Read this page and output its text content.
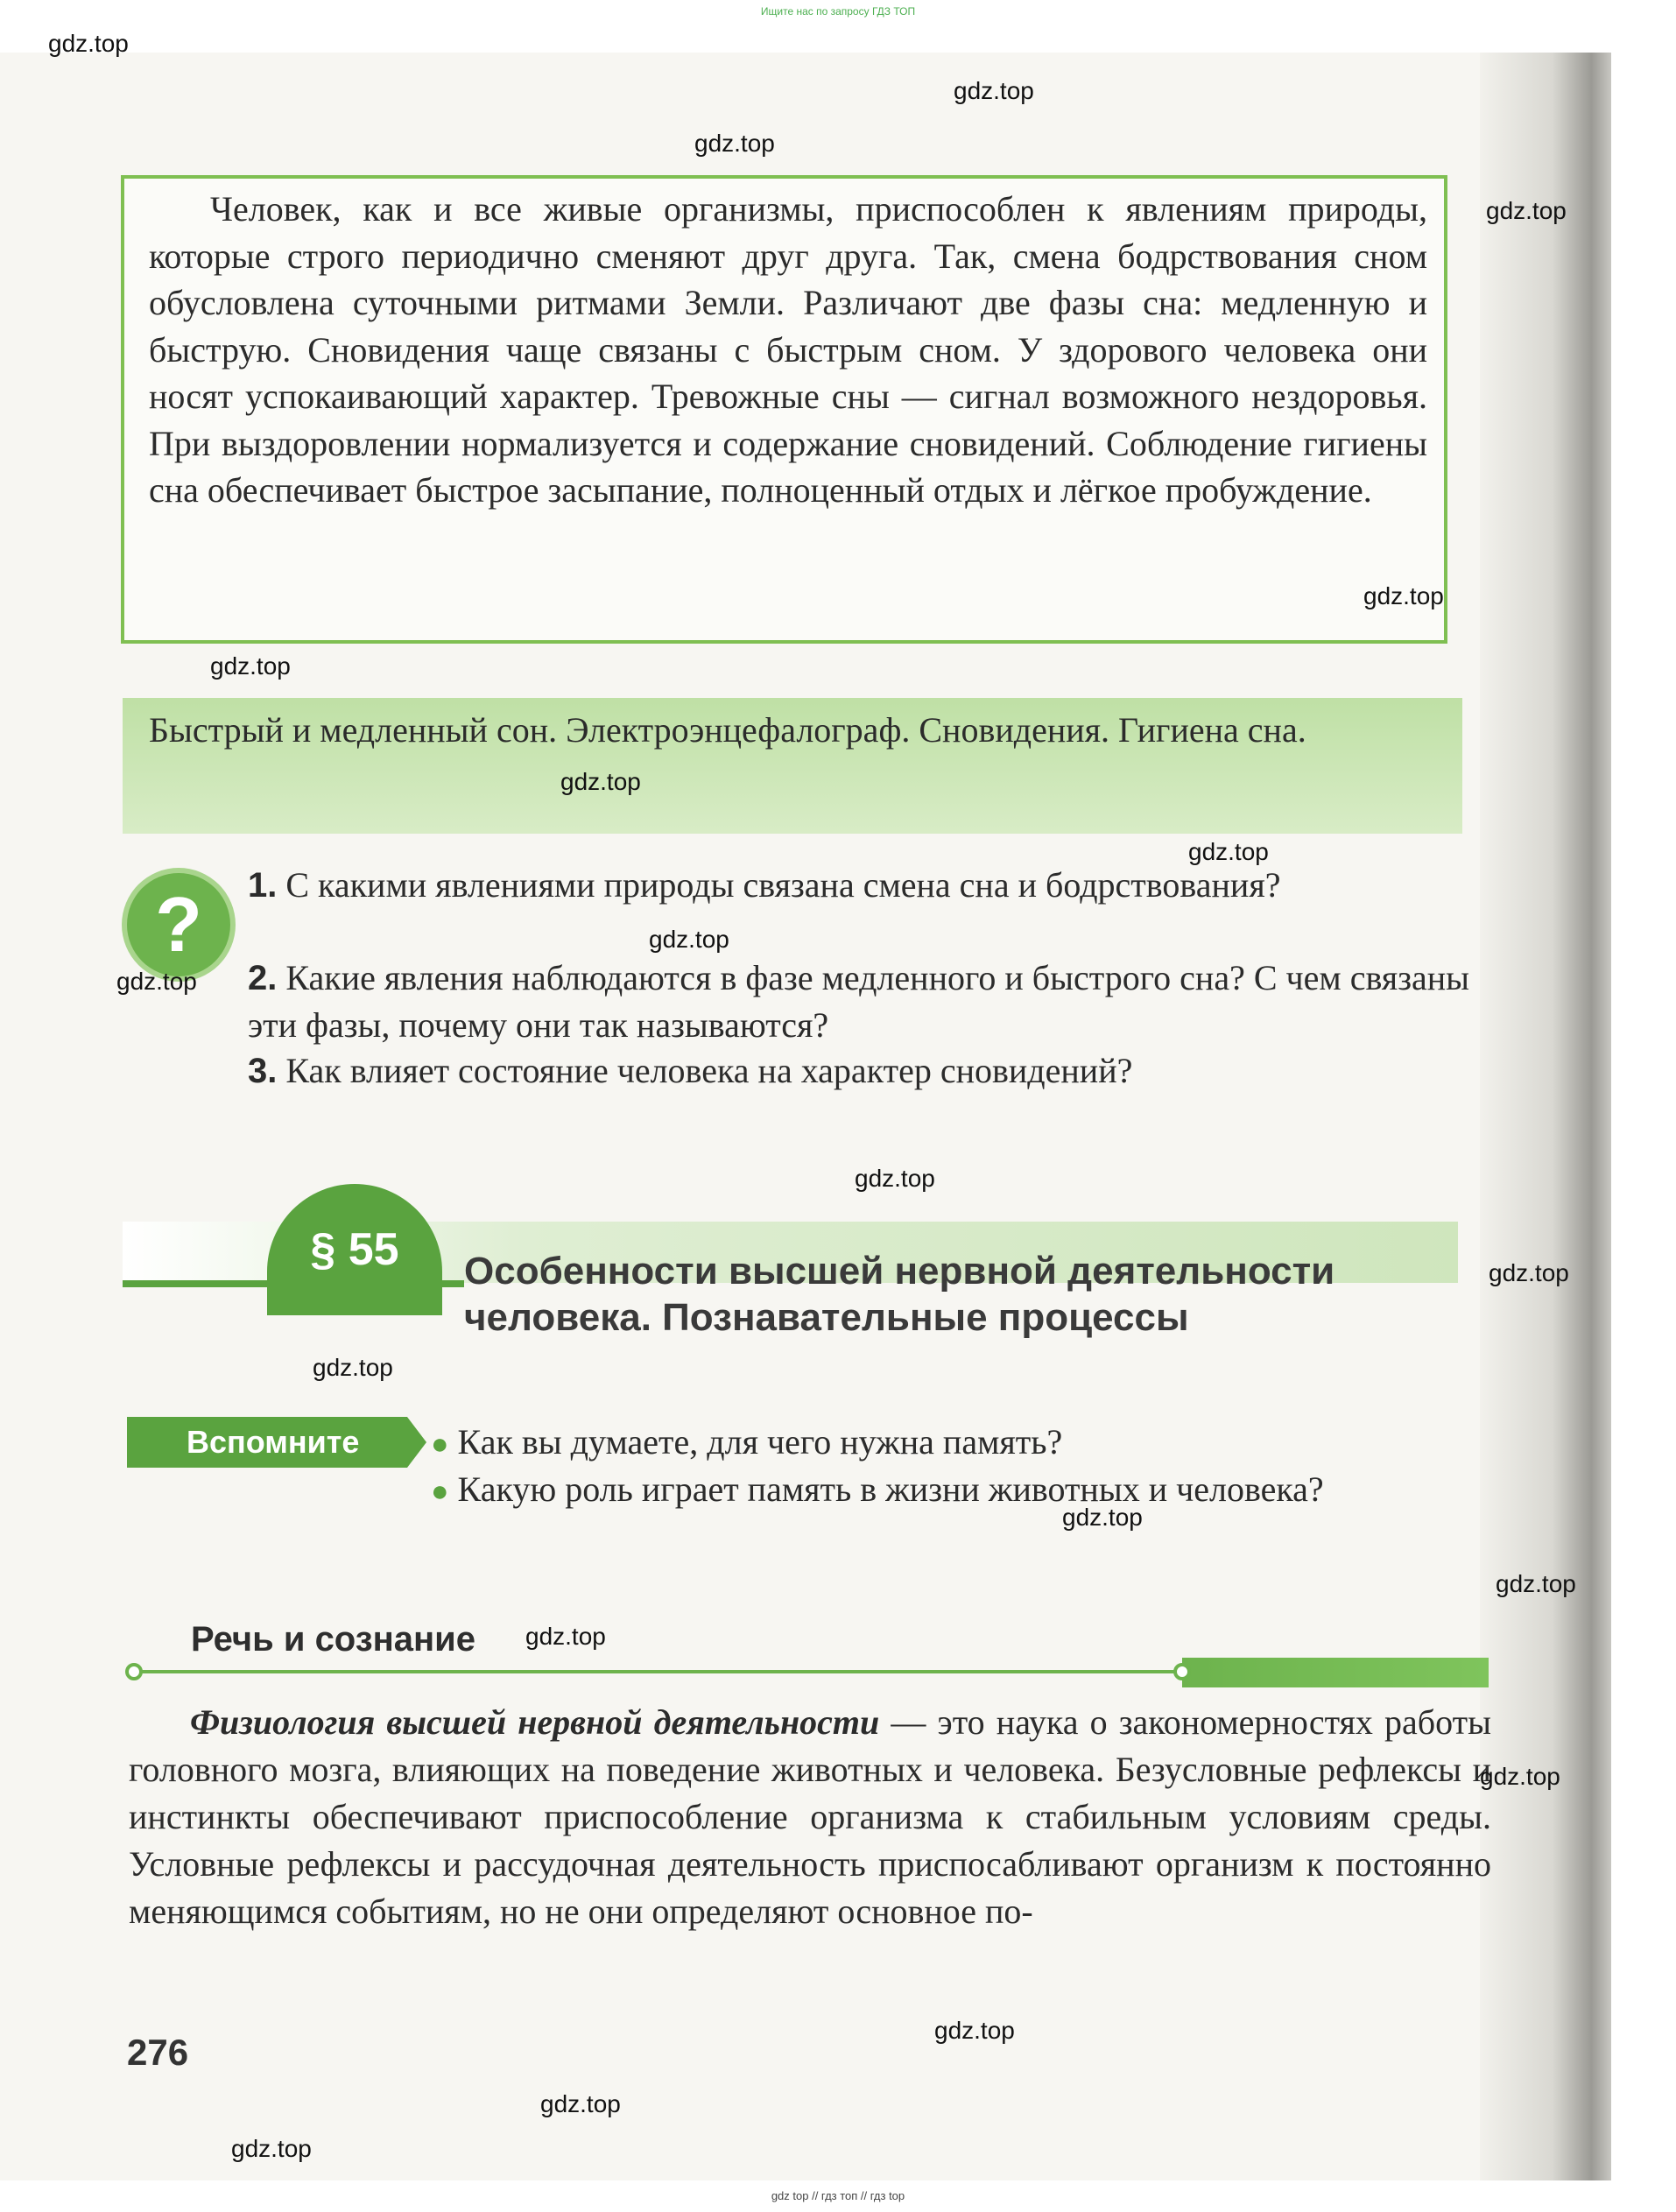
Ищите нас по запросу ГДЗ ТОП
gdz.top
gdz.top
gdz.top
gdz.top

Человек, как и все живые организмы, приспособлен к явлениям природы, которые строго периодично сменяют друг друга. Так, смена бодрствования сном обусловлена суточными ритмами Земли. Различают две фазы сна: медленную и быструю. Сновидения чаще связаны с быстрым сном. У здорового человека они носят успокаивающий характер. Тревожные сны — сигнал возможного нездоровья. При выздоровлении нормализуется и содержание сновидений. Соблюдение гигиены сна обеспечивает быстрое засыпание, полноценный отдых и лёгкое пробуждение.

gdz.top
gdz.top

Быстрый и медленный сон. Электроэнцефалограф. Сновидения. Гигиена сна.

gdz.top
gdz.top
?	1. С какими явлениями природы связана смена сна и бодрствования?

2. Какие явления наблюдаются в фазе медленного и быстрого сна? С чем связаны эти фазы, почему они так называются?

3. Как влияет состояние человека на характер сновидений?

gdz.top
gdz.top
gdz.top
§ 55	Особенности высшей нервной деятельности человека. Познавательные процессы

gdz.top
gdz.top
Вспомните	● Как вы думаете, для чего нужна память?

● Какую роль играет память в жизни животных и человека?

gdz.top
gdz.top
Речь и сознание gdz.top

Физиология высшей нервной деятельности — это наука о закономерностях работы головного мозга, влияющих на поведение животных и человека. Безусловные рефлексы и инстинкты обеспечивают приспособление организма к стабильным условиям среды. Условные рефлексы и рассудочная деятельность приспосабливают организм к постоянно меняющимся событиям, но не они определяют основное по-

gdz.top
gdz.top
276
gdz.top
gdz.top
gdz top // гдз топ // гдз top
